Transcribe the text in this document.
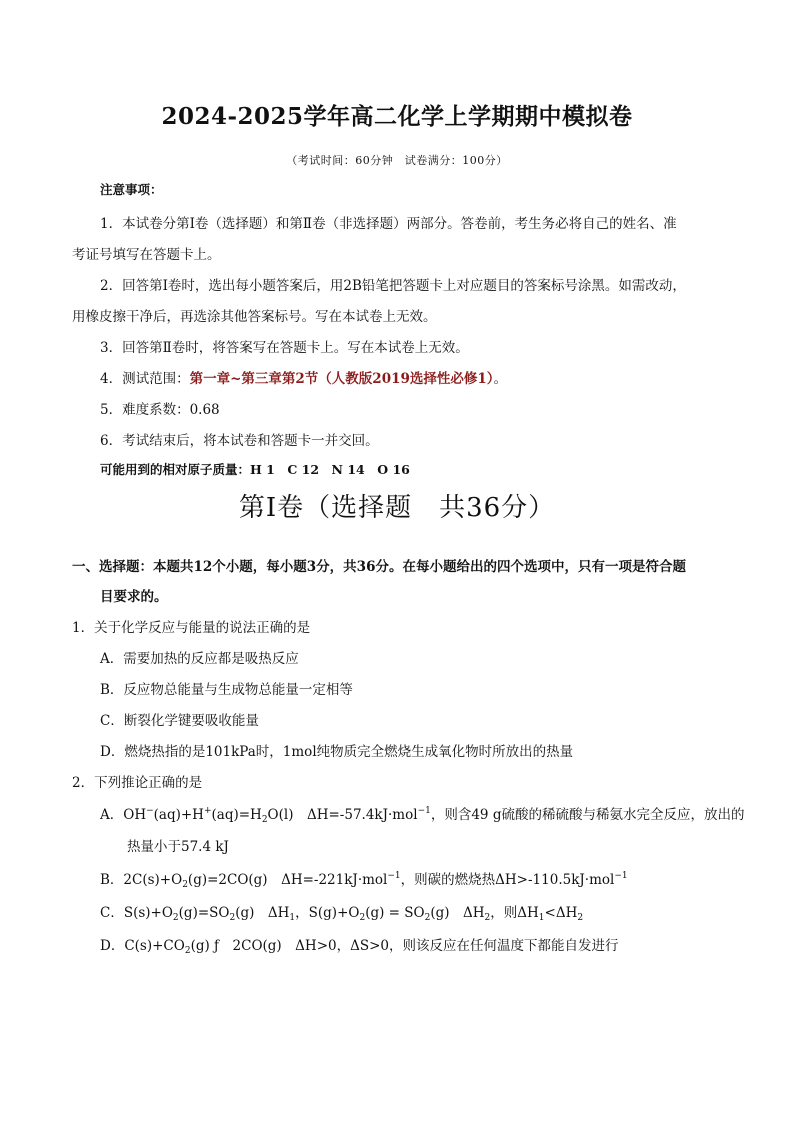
2024-2025学年高二化学上学期期中模拟卷
（考试时间：60分钟　试卷满分：100分）
注意事项：
1．本试卷分第Ⅰ卷（选择题）和第Ⅱ卷（非选择题）两部分。答卷前，考生务必将自己的姓名、准
考证号填写在答题卡上。
2．回答第Ⅰ卷时，选出每小题答案后，用2B铅笔把答题卡上对应题目的答案标号涂黑。如需改动，
用橡皮擦干净后，再选涂其他答案标号。写在本试卷上无效。
3．回答第Ⅱ卷时，将答案写在答题卡上。写在本试卷上无效。
4．测试范围：第一章~第三章第2节（人教版2019选择性必修1）。
5．难度系数：0.68
6．考试结束后，将本试卷和答题卡一并交回。
可能用到的相对原子质量：H 1　C 12　N 14　O 16
第Ⅰ卷（选择题　共36分）
一、选择题：本题共12个小题，每小题3分，共36分。在每小题给出的四个选项中，只有一项是符合题
目要求的。
1．关于化学反应与能量的说法正确的是
A．需要加热的反应都是吸热反应
B．反应物总能量与生成物总能量一定相等
C．断裂化学键要吸收能量
D．燃烧热指的是101kPa时，1mol纯物质完全燃烧生成氧化物时所放出的热量
2．下列推论正确的是
A．$OH^-(aq)+H^+(aq)=H_2O(l)$　ΔH=-57.4kJ·mol$^{-1}$，则含49 g硫酸的稀硫酸与稀氨水完全反应，放出的
热量小于57.4 kJ
B．$2C(s)+O_2(g)=2CO(g)$　ΔH=-221kJ·mol$^{-1}$，则碳的燃烧热ΔH>-110.5kJ·mol$^{-1}$
C．$S(s)+O_2(g)=SO_2(g)$　$\Delta H_1$，$S(g)+O_2(g) = SO_2(g)$　$\Delta H_2$，则$\Delta H_1<\Delta H_2$
D．$C(s)+CO_2(g)$ ƒ　2CO(g)　ΔH>0，ΔS>0，则该反应在任何温度下都能自发进行
